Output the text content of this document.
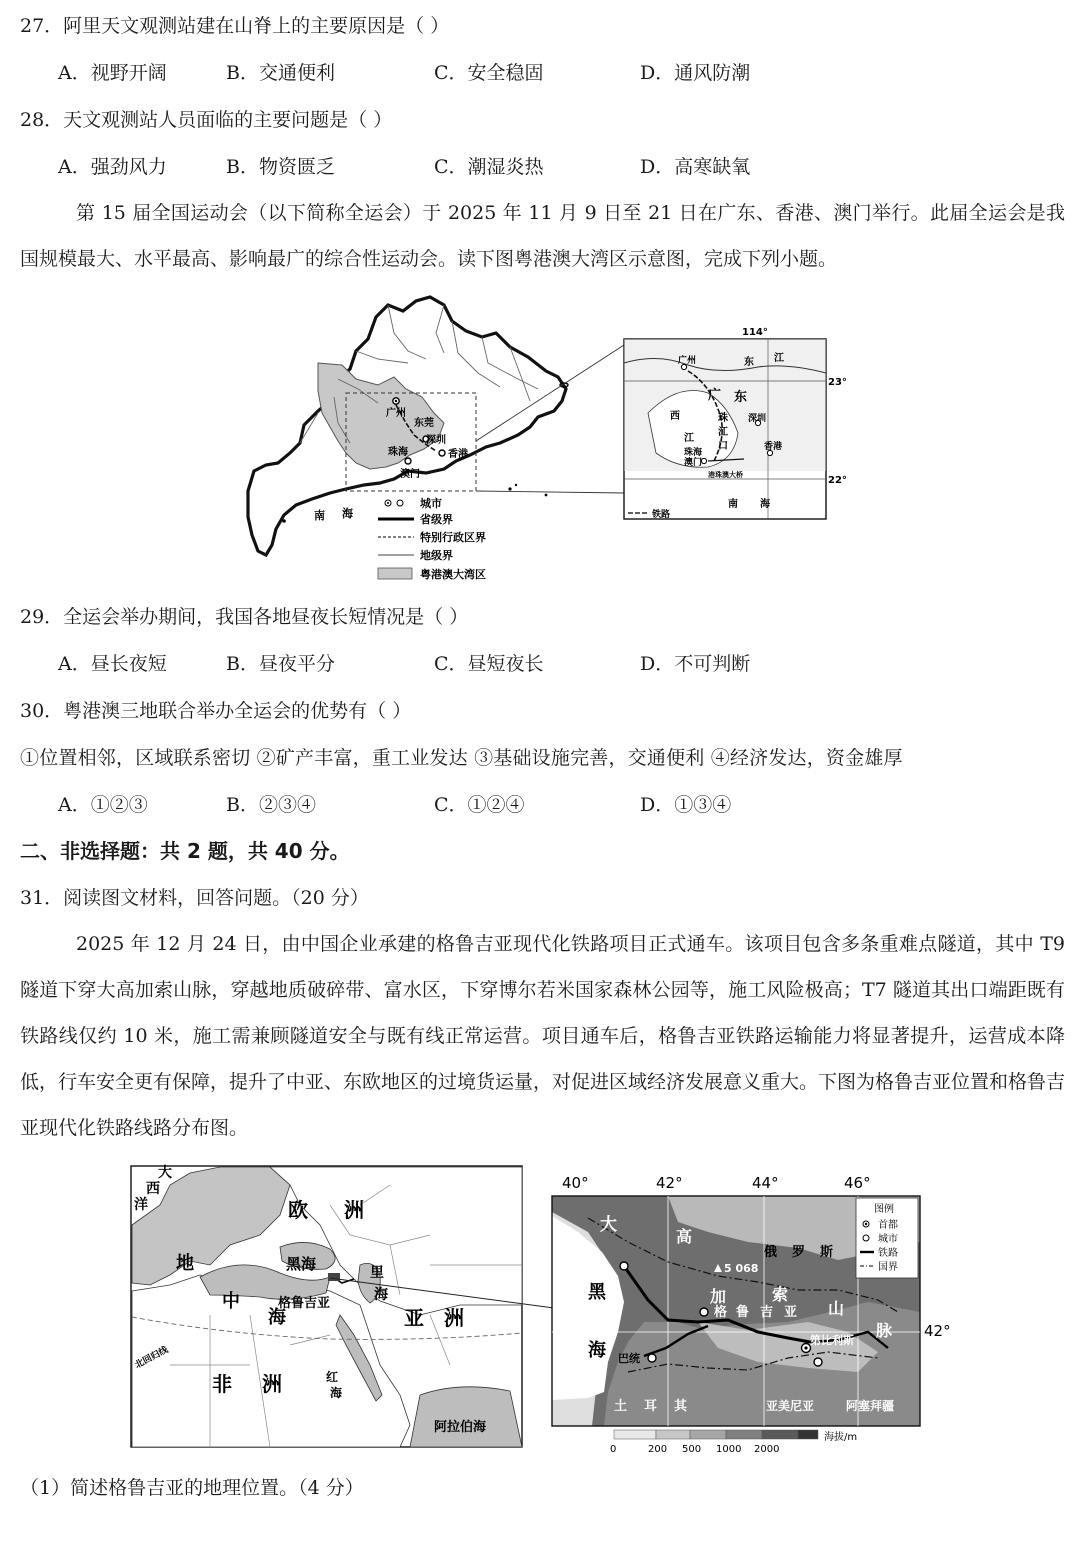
27．阿里天文观测站建在山脊上的主要原因是（ ）
A．视野开阔	B．交通便利	C．安全稳固	D．通风防潮
28．天文观测站人员面临的主要问题是（ ）
A．强劲风力	B．物资匮乏	C．潮湿炎热	D．高寒缺氧
第 15 届全国运动会（以下简称全运会）于 2025 年 11 月 9 日至 21 日在广东、香港、澳门举行。此届全运会是我国规模最大、水平最高、影响最广的综合性运动会。读下图粤港澳大湾区示意图，完成下列小题。
广州
东莞
深圳
珠海
澳门
香港
南 海
城市
省级界
特别行政区界
地级界
粤港澳大湾区
114°
23°
22°
广州	东 江
广 东
西
江
珠
江
口
深圳
珠海
澳门
香港
港珠澳大桥
南 海
铁路
29．全运会举办期间，我国各地昼夜长短情况是（ ）
A．昼长夜短	B．昼夜平分	C．昼短夜长	D．不可判断
30．粤港澳三地联合举办全运会的优势有（ ）
①位置相邻，区域联系密切 ②矿产丰富，重工业发达 ③基础设施完善，交通便利 ④经济发达，资金雄厚
A．①②③	B．②③④	C．①②④	D．①③④
二、非选择题：共 2 题，共 40 分。
31．阅读图文材料，回答问题。（20 分）
2025 年 12 月 24 日，由中国企业承建的格鲁吉亚现代化铁路项目正式通车。该项目包含多条重难点隧道，其中 T9 隧道下穿大高加索山脉，穿越地质破碎带、富水区，下穿博尔若米国家森林公园等，施工风险极高；T7 隧道其出口端距既有铁路线仅约 10 米，施工需兼顾隧道安全与既有线正常运营。项目通车后，格鲁吉亚铁路运输能力将显著提升，运营成本降低，行车安全更有保障，提升了中亚、东欧地区的过境货运量，对促进区域经济发展意义重大。下图为格鲁吉亚位置和格鲁吉亚现代化铁路线路分布图。
大
西
洋	欧 洲
地
中
海
黑海	里
海
格鲁吉亚
亚 洲
北回归线
红
海
非 洲
阿拉伯海
40°	42°	44°	46°
大
高
加	索
山
脉
黑
海
5 068
俄 罗 斯
格 鲁 吉 亚
第比利斯
巴统
土 耳 其	亚美尼亚	阿塞拜疆
42°
图例
首都
城市
铁路
国界
0	200 500 1000 2000
海拔/m
（1）简述格鲁吉亚的地理位置。（4 分）
